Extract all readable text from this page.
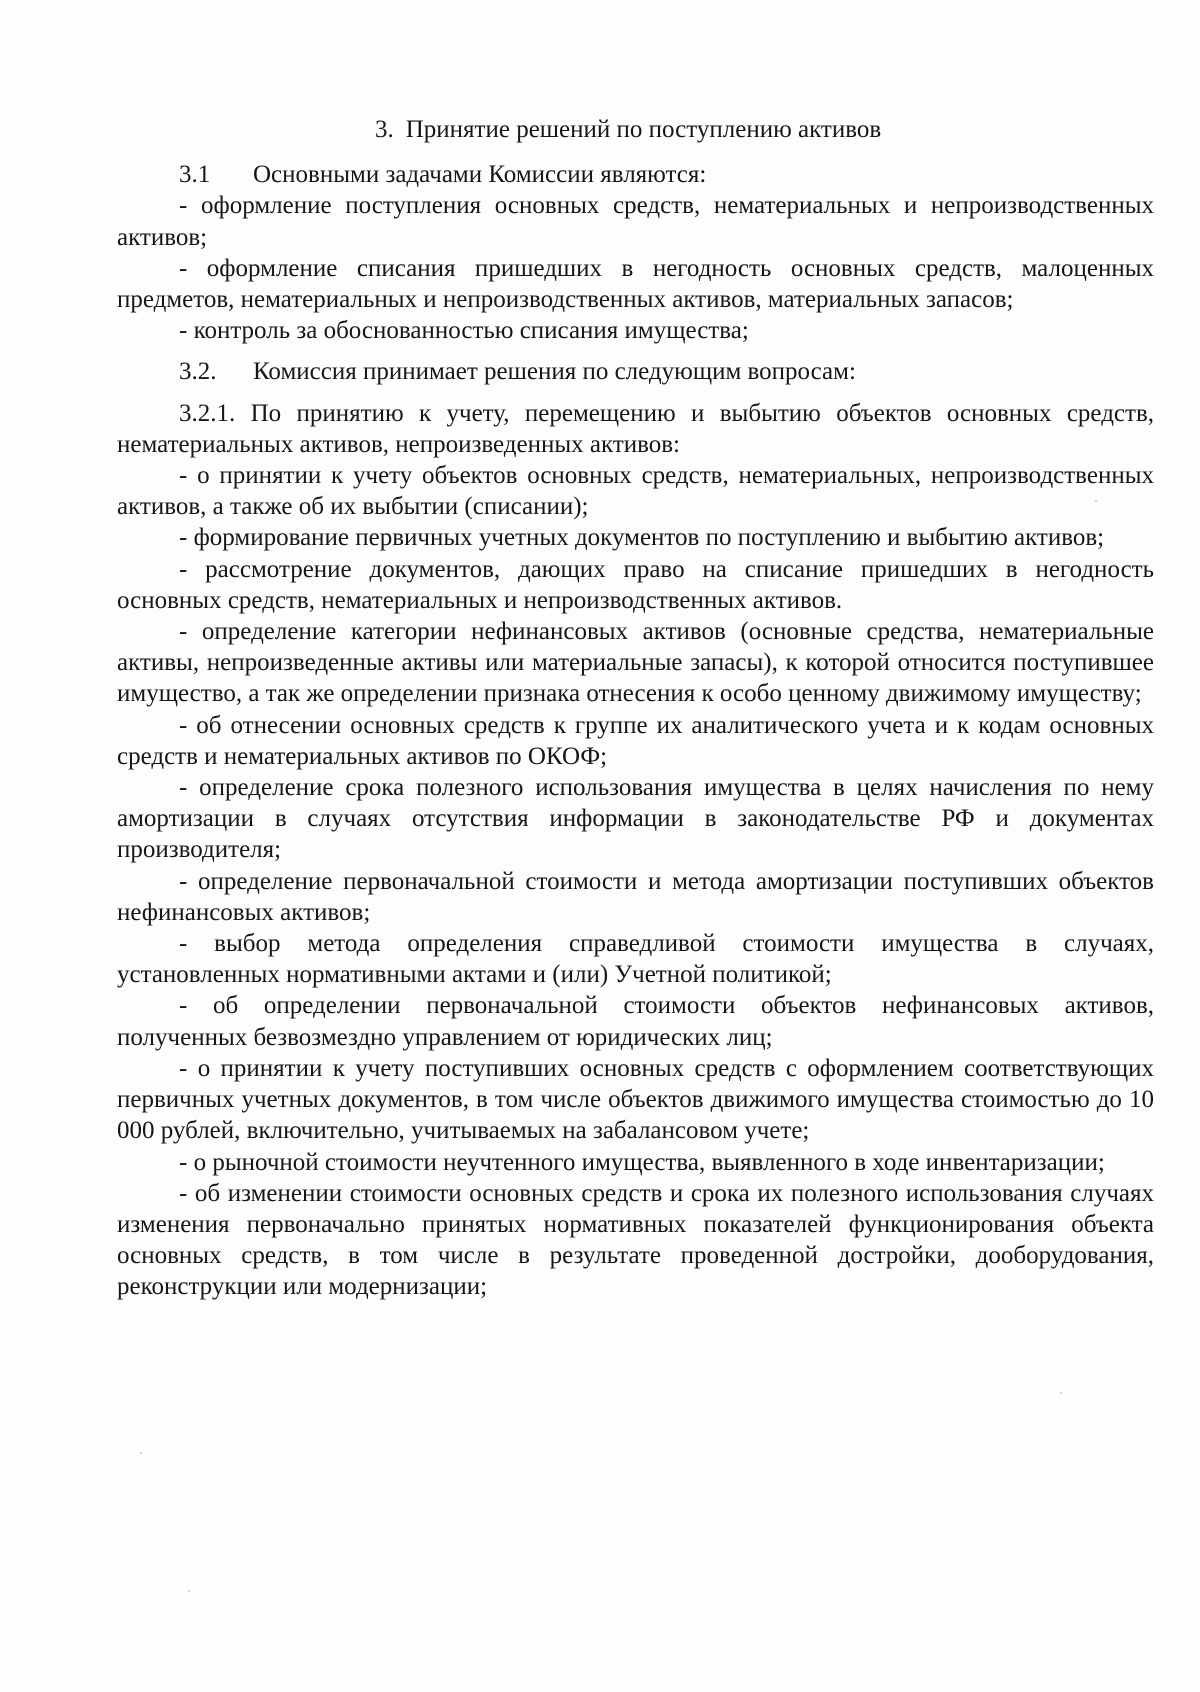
3. Принятие решений по поступлению активов

3.1 Основными задачами Комиссии являются:

- оформление поступления основных средств, нематериальных и непроизводственных активов;

- оформление списания пришедших в негодность основных средств, малоценных предметов, нематериальных и непроизводственных активов, материальных запасов;

- контроль за обоснованностью списания имущества;

3.2. Комиссия принимает решения по следующим вопросам:

3.2.1. По принятию к учету, перемещению и выбытию объектов основных средств, нематериальных активов, непроизведенных активов:

- о принятии к учету объектов основных средств, нематериальных, непроизводственных активов, а также об их выбытии (списании);

- формирование первичных учетных документов по поступлению и выбытию активов;

- рассмотрение документов, дающих право на списание пришедших в негодность основных средств, нематериальных и непроизводственных активов.

- определение категории нефинансовых активов (основные средства, нематериальные активы, непроизведенные активы или материальные запасы), к которой относится поступившее имущество, а так же определении признака отнесения к особо ценному движимому имуществу;

- об отнесении основных средств к группе их аналитического учета и к кодам основных средств и нематериальных активов по ОКОФ;

- определение срока полезного использования имущества в целях начисления по нему амортизации в случаях отсутствия информации в законодательстве РФ и документах производителя;

- определение первоначальной стоимости и метода амортизации поступивших объектов нефинансовых активов;

- выбор метода определения справедливой стоимости имущества в случаях, установленных нормативными актами и (или) Учетной политикой;

- об определении первоначальной стоимости объектов нефинансовых активов, полученных безвозмездно управлением от юридических лиц;

- о принятии к учету поступивших основных средств с оформлением соответствующих первичных учетных документов, в том числе объектов движимого имущества стоимостью до 10 000 рублей, включительно, учитываемых на забалансовом учете;

- о рыночной стоимости неучтенного имущества, выявленного в ходе инвентаризации;

- об изменении стоимости основных средств и срока их полезного использования случаях изменения первоначально принятых нормативных показателей функционирования объекта основных средств, в том числе в результате проведенной достройки, дооборудования, реконструкции или модернизации;
